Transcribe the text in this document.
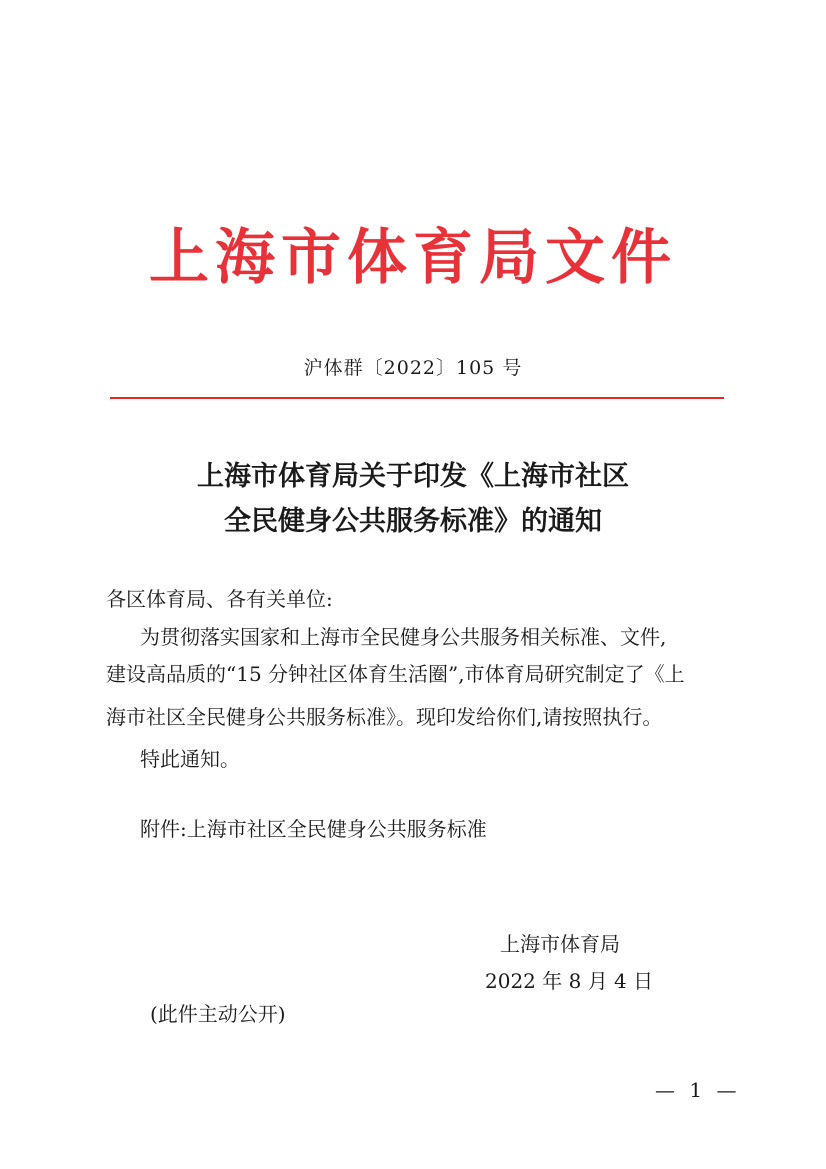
上海市体育局文件
沪体群〔2022〕105 号
上海市体育局关于印发《上海市社区
全民健身公共服务标准》的通知
各区体育局、各有关单位:
为贯彻落实国家和上海市全民健身公共服务相关标准、文件,
建设高品质的“15 分钟社区体育生活圈”,市体育局研究制定了《上
海市社区全民健身公共服务标准》。现印发给你们,请按照执行。
特此通知。
附件:上海市社区全民健身公共服务标准
上海市体育局
2022 年 8 月 4 日
(此件主动公开)
— 1 —
